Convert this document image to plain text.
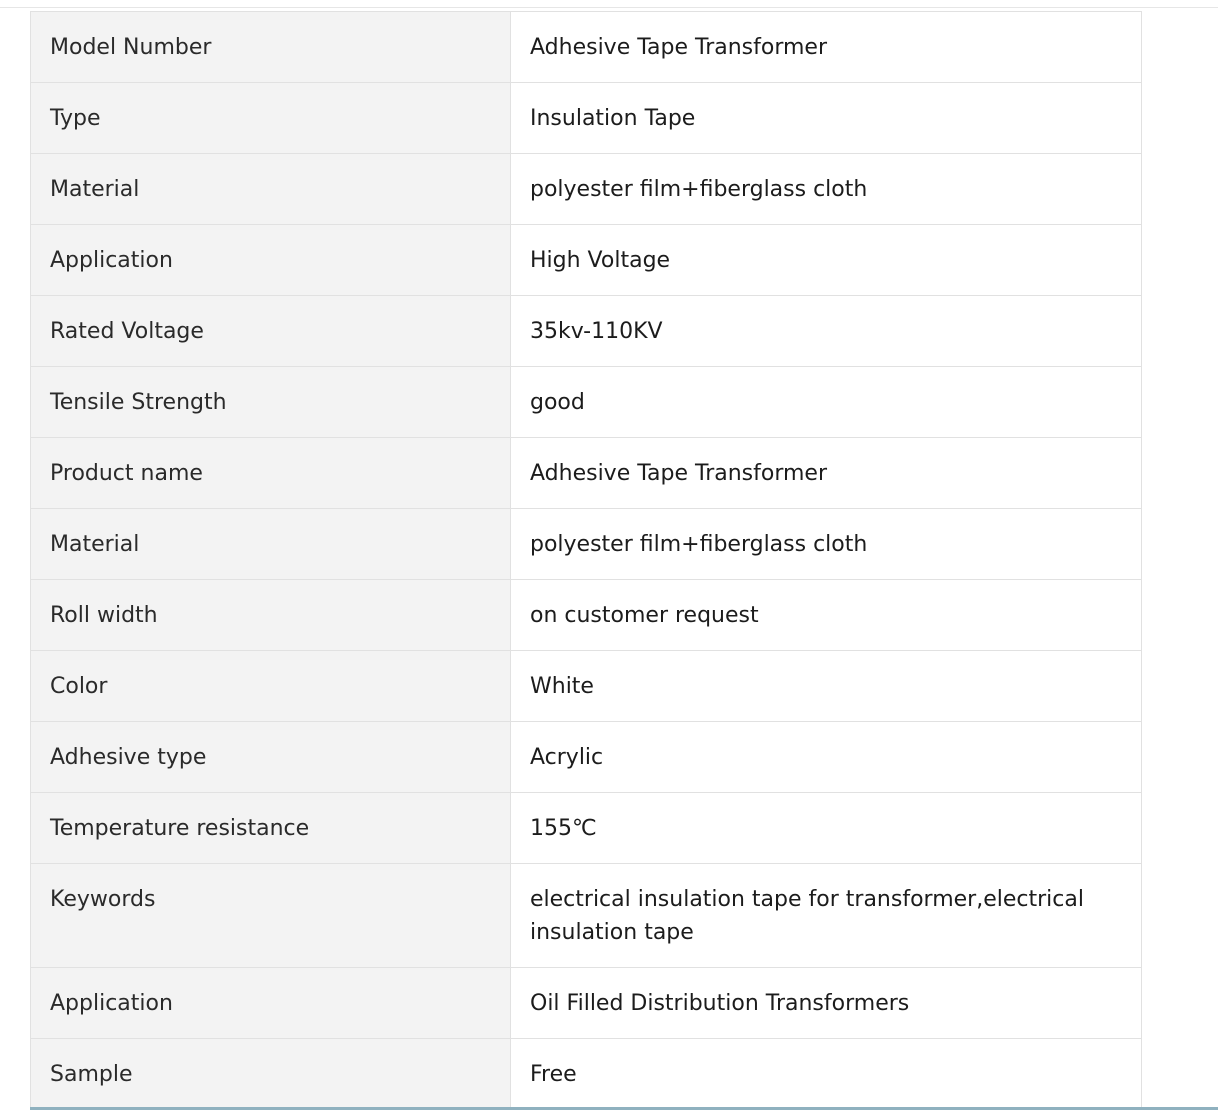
Model Number	Adhesive Tape Transformer
Type	Insulation Tape
Material	polyester film+fiberglass cloth
Application	High Voltage
Rated Voltage	35kv-110KV
Tensile Strength	good
Product name	Adhesive Tape Transformer
Material	polyester film+fiberglass cloth
Roll width	on customer request
Color	White
Adhesive type	Acrylic
Temperature resistance	155℃
Keywords	electrical insulation tape for transformer,electrical insulation tape
Application	Oil Filled Distribution Transformers
Sample	Free
